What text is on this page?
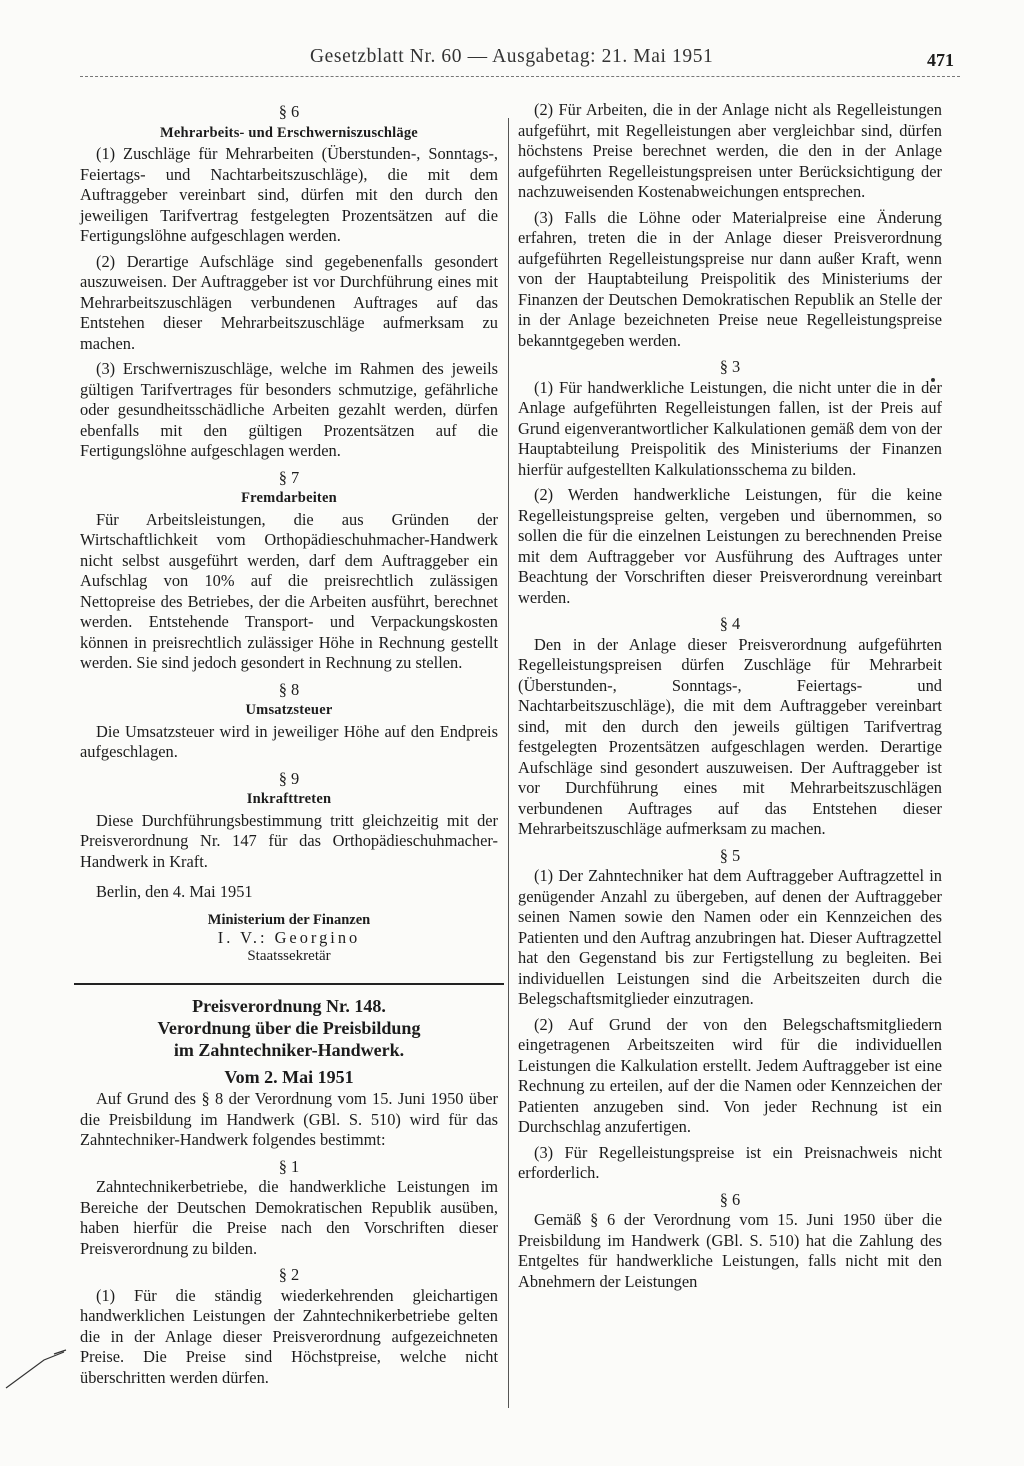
Gesetzblatt Nr. 60 — Ausgabetag: 21. Mai 1951	471
§ 6
Mehrarbeits- und Erschwerniszuschläge

(1) Zuschläge für Mehrarbeiten (Überstunden-, Sonntags-, Feiertags- und Nachtarbeitszuschläge), die mit dem Auftraggeber vereinbart sind, dürfen mit den durch den jeweiligen Tarifvertrag festgelegten Prozentsätzen auf die Fertigungslöhne aufgeschlagen werden.

(2) Derartige Aufschläge sind gegebenenfalls gesondert auszuweisen. Der Auftraggeber ist vor Durchführung eines mit Mehrarbeitszuschlägen verbundenen Auftrages auf das Entstehen dieser Mehrarbeitszuschläge aufmerksam zu machen.

(3) Erschwerniszuschläge, welche im Rahmen des jeweils gültigen Tarifvertrages für besonders schmutzige, gefährliche oder gesundheitsschädliche Arbeiten gezahlt werden, dürfen ebenfalls mit den gültigen Prozentsätzen auf die Fertigungslöhne aufgeschlagen werden.

§ 7
Fremdarbeiten

Für Arbeitsleistungen, die aus Gründen der Wirtschaftlichkeit vom Orthopädieschuhmacher-Handwerk nicht selbst ausgeführt werden, darf dem Auftraggeber ein Aufschlag von 10% auf die preisrechtlich zulässigen Nettopreise des Betriebes, der die Arbeiten ausführt, berechnet werden. Entstehende Transport- und Verpackungskosten können in preisrechtlich zulässiger Höhe in Rechnung gestellt werden. Sie sind jedoch gesondert in Rechnung zu stellen.

§ 8
Umsatzsteuer

Die Umsatzsteuer wird in jeweiliger Höhe auf den Endpreis aufgeschlagen.

§ 9
Inkrafttreten

Diese Durchführungsbestimmung tritt gleichzeitig mit der Preisverordnung Nr. 147 für das Orthopädieschuhmacher-Handwerk in Kraft.

Berlin, den 4. Mai 1951
Ministerium der Finanzen
I. V.: Georgino
Staatssekretär
Preisverordnung Nr. 148.
Verordnung über die Preisbildung
im Zahntechniker-Handwerk.
Vom 2. Mai 1951

Auf Grund des § 8 der Verordnung vom 15. Juni 1950 über die Preisbildung im Handwerk (GBl. S. 510) wird für das Zahntechniker-Handwerk folgendes bestimmt:

§ 1

Zahntechnikerbetriebe, die handwerkliche Leistungen im Bereiche der Deutschen Demokratischen Republik ausüben, haben hierfür die Preise nach den Vorschriften dieser Preisverordnung zu bilden.

§ 2

(1) Für die ständig wiederkehrenden gleichartigen handwerklichen Leistungen der Zahntechnikerbetriebe gelten die in der Anlage dieser Preisverordnung aufgezeichneten Preise. Die Preise sind Höchstpreise, welche nicht überschritten werden dürfen.

(2) Für Arbeiten, die in der Anlage nicht als Regelleistungen aufgeführt, mit Regelleistungen aber vergleichbar sind, dürfen höchstens Preise berechnet werden, die den in der Anlage aufgeführten Regelleistungspreisen unter Berücksichtigung der nachzuweisenden Kostenabweichungen entsprechen.

(3) Falls die Löhne oder Materialpreise eine Änderung erfahren, treten die in der Anlage dieser Preisverordnung aufgeführten Regelleistungspreise nur dann außer Kraft, wenn von der Hauptabteilung Preispolitik des Ministeriums der Finanzen der Deutschen Demokratischen Republik an Stelle der in der Anlage bezeichneten Preise neue Regelleistungspreise bekanntgegeben werden.

§ 3

(1) Für handwerkliche Leistungen, die nicht unter die in der Anlage aufgeführten Regelleistungen fallen, ist der Preis auf Grund eigenverantwortlicher Kalkulationen gemäß dem von der Hauptabteilung Preispolitik des Ministeriums der Finanzen hierfür aufgestellten Kalkulationsschema zu bilden.

(2) Werden handwerkliche Leistungen, für die keine Regelleistungspreise gelten, vergeben und übernommen, so sollen die für die einzelnen Leistungen zu berechnenden Preise mit dem Auftraggeber vor Ausführung des Auftrages unter Beachtung der Vorschriften dieser Preisverordnung vereinbart werden.

§ 4

Den in der Anlage dieser Preisverordnung aufgeführten Regelleistungspreisen dürfen Zuschläge für Mehrarbeit (Überstunden-, Sonntags-, Feiertags- und Nachtarbeitszuschläge), die mit dem Auftraggeber vereinbart sind, mit den durch den jeweils gültigen Tarifvertrag festgelegten Prozentsätzen aufgeschlagen werden. Derartige Aufschläge sind gesondert auszuweisen. Der Auftraggeber ist vor Durchführung eines mit Mehrarbeitszuschlägen verbundenen Auftrages auf das Entstehen dieser Mehrarbeitszuschläge aufmerksam zu machen.

§ 5

(1) Der Zahntechniker hat dem Auftraggeber Auftragzettel in genügender Anzahl zu übergeben, auf denen der Auftraggeber seinen Namen sowie den Namen oder ein Kennzeichen des Patienten und den Auftrag anzubringen hat. Dieser Auftragzettel hat den Gegenstand bis zur Fertigstellung zu begleiten. Bei individuellen Leistungen sind die Arbeitszeiten durch die Belegschaftsmitglieder einzutragen.

(2) Auf Grund der von den Belegschaftsmitgliedern eingetragenen Arbeitszeiten wird für die individuellen Leistungen die Kalkulation erstellt. Jedem Auftraggeber ist eine Rechnung zu erteilen, auf der die Namen oder Kennzeichen der Patienten anzugeben sind. Von jeder Rechnung ist ein Durchschlag anzufertigen.

(3) Für Regelleistungspreise ist ein Preisnachweis nicht erforderlich.

§ 6

Gemäß § 6 der Verordnung vom 15. Juni 1950 über die Preisbildung im Handwerk (GBl. S. 510) hat die Zahlung des Entgeltes für handwerkliche Leistungen, falls nicht mit den Abnehmern der Leistungen
